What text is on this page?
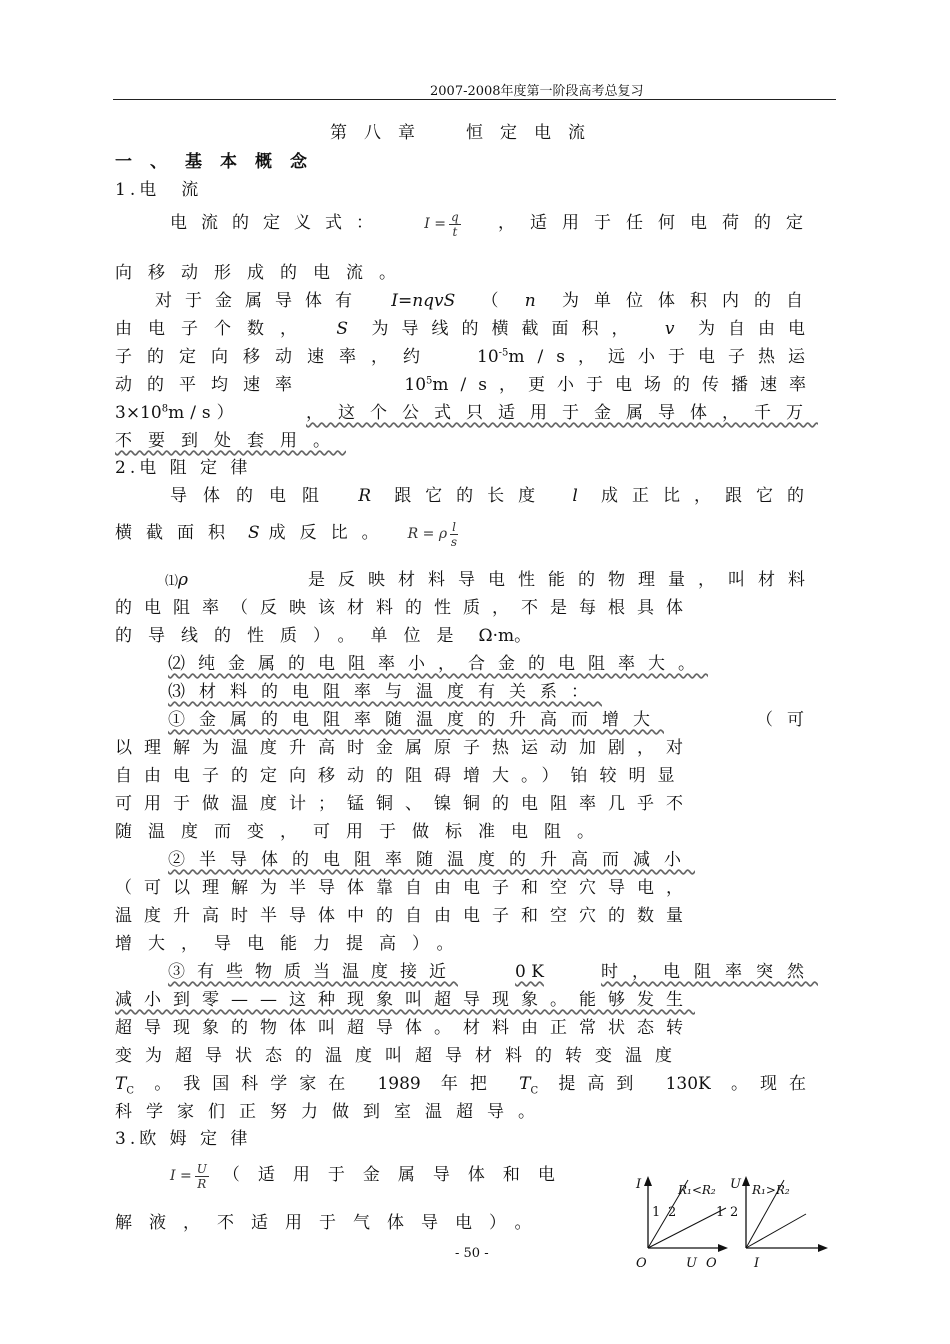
2007-2008年度第一阶段高考总复习
第八章　恒定电流
一、基本概念
1.电　流
电流的定义式：	$I = \frac{q}{t}$ ，适用于任何电荷的定
向移动形成的电流。
对于金属导体有 I=nqvS （ n 为单位体积内的自
由电子个数， S 为导线的横截面积， v 为自由电
子的定向移动速率，约 $10^{-5}m/s$，远小于电子热运
动的平均速率	$10^5m/s$，更小于电场的传播速率
$3\times 10^8m/s$）	，这个公式只适用于金属导体，千万
不要到处套用。
2.电 阻 定 律
导体的电阻 R 跟它的长度 l 成正比，跟它的
横截面积 S 成反比。 R = ρ $\frac{l}{s}$
⑴ρ	是反映材料导电性能的物理量，叫材料
的电阻率（反映该材料的性质，不是每根具体
的导线的性质）。单位是 Ω·m。
⑵纯金属的电阻率小，合金的电阻率大。
⑶材料的电阻率与温度有关系：
①金属的电阻率随温度的升高而增大	（可
以理解为温度升高时金属原子热运动加剧，对
自由电子的定向移动的阻碍增大。）铂较明显
可用于做温度计；锰铜、镍铜的电阻率几乎不
随温度而变，可用于做标准电阻。
②半导体的电阻率随温度的升高而减小
（可以理解为半导体靠自由电子和空穴导电，
温度升高时半导体中的自由电子和空穴的数量
增大，导电能力提高）。
③有些物质当温度接近	0 K	时，电阻率突然
减小到零——这种现象叫超导现象。能够发生
超导现象的物体叫超导体。材料由正常状态转
变为超导状态的温度叫超导材料的转变温度
$T_C$ 。我国科学家在 1989 年把 $T_C$ 提高到 130K 。现在
科学家们正努力做到室温超导。
3.欧 姆 定 律
$I = \frac{U}{R}$ （适用于金属导体和电
解液，不适用于气体导电）。
I
O	U
R₁<R₂
1 2
U
O	I
R₁>R₂
1 2
- 50 -
